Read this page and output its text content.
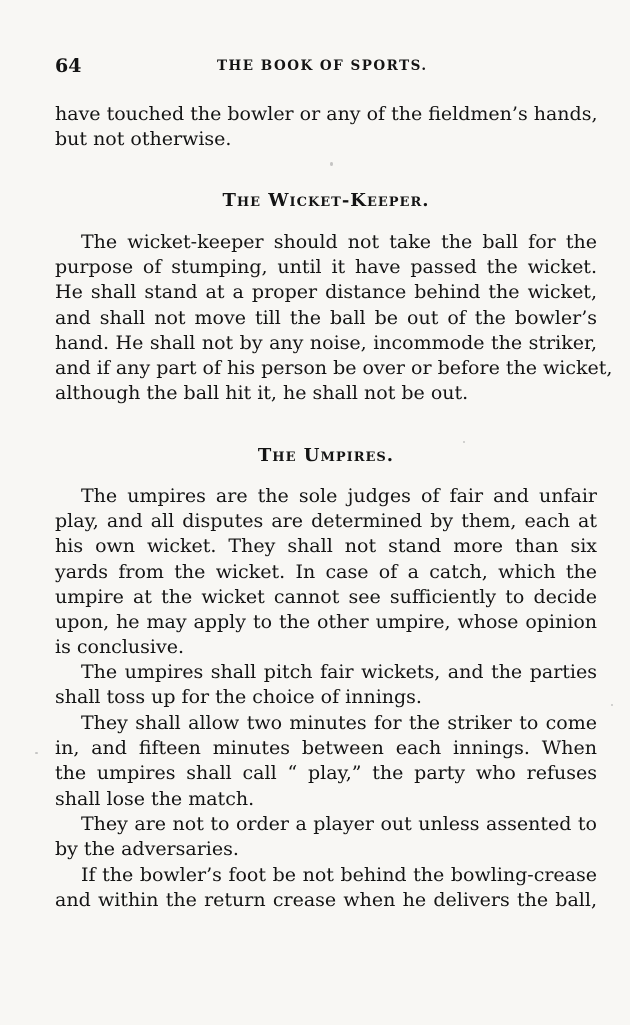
64	THE BOOK OF SPORTS.
have touched the bowler or any of the fieldmen’s hands,
but not otherwise.
The Wicket-Keeper.
The wicket-keeper should not take the ball for the
purpose of stumping, until it have passed the wicket.
He shall stand at a proper distance behind the wicket,
and shall not move till the ball be out of the bowler’s
hand. He shall not by any noise, incommode the striker,
and if any part of his person be over or before the wicket,
although the ball hit it, he shall not be out.
The Umpires.
The umpires are the sole judges of fair and unfair
play, and all disputes are determined by them, each at
his own wicket. They shall not stand more than six
yards from the wicket. In case of a catch, which the
umpire at the wicket cannot see sufficiently to decide
upon, he may apply to the other umpire, whose opinion
is conclusive.
The umpires shall pitch fair wickets, and the parties
shall toss up for the choice of innings.
They shall allow two minutes for the striker to come
in, and fifteen minutes between each innings. When
the umpires shall call “ play,” the party who refuses
shall lose the match.
They are not to order a player out unless assented to
by the adversaries.
If the bowler’s foot be not behind the bowling-crease
and within the return crease when he delivers the ball,
